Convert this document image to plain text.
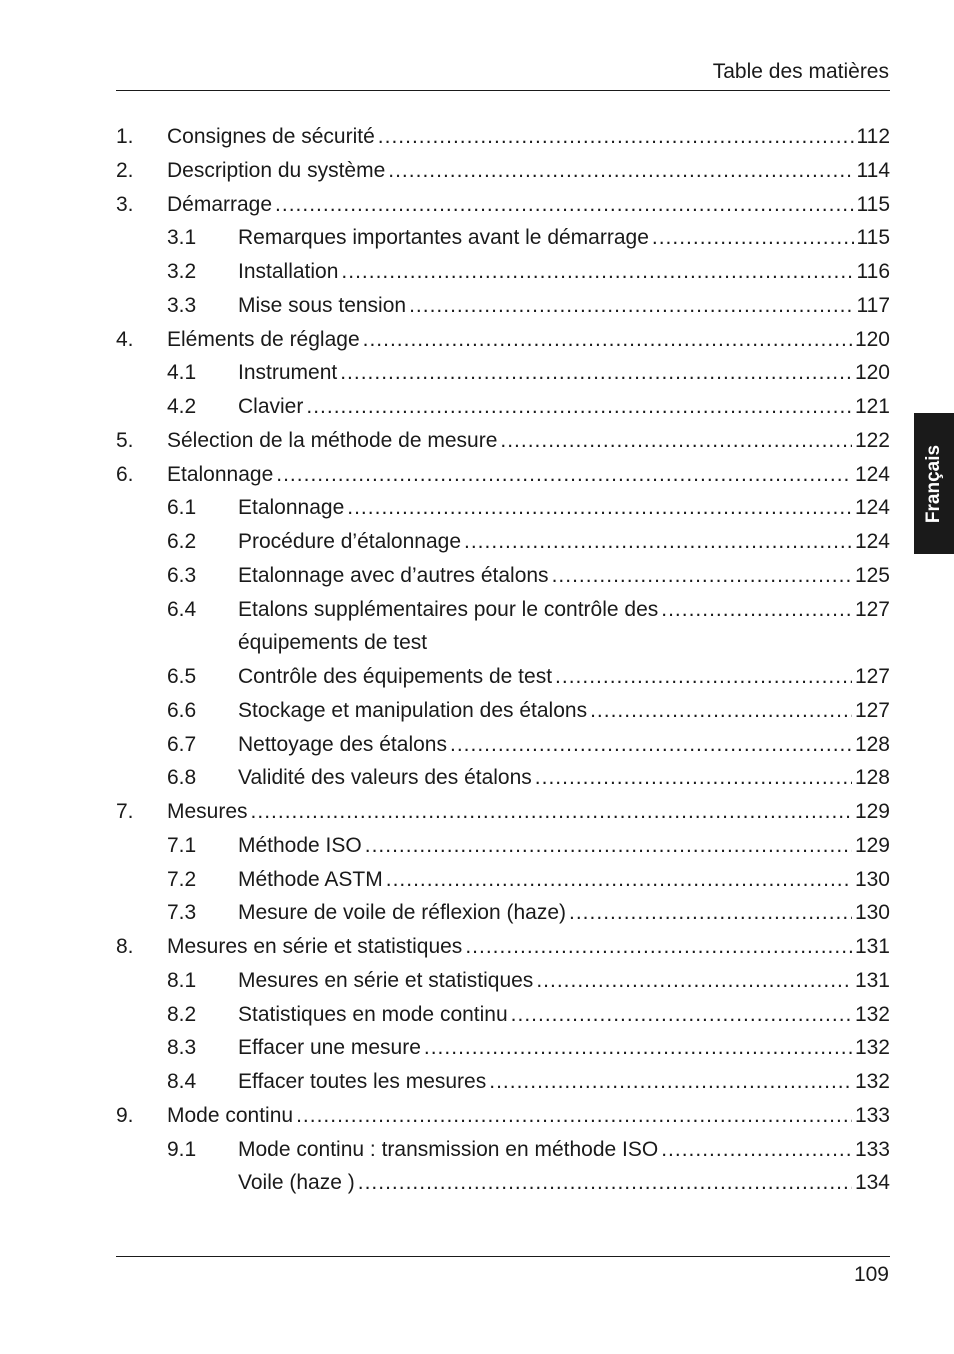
Table des matières
Français
1. Consignes de sécurité .....	112
2. Description du système .....	114
3. Démarrage .....	115
3.1 Remarques importantes avant le démarrage .....	115
3.2 Installation .....	116
3.3 Mise sous tension .....	117
4. Eléments de réglage .....	120
4.1 Instrument .....	120
4.2 Clavier .....	121
5. Sélection de la méthode de mesure .....	122
6. Etalonnage .....	124
6.1 Etalonnage .....	124
6.2 Procédure d’étalonnage .....	124
6.3 Etalonnage avec d’autres étalons .....	125
6.4 Etalons supplémentaires pour le contrôle des .....	127
équipements de test
6.5 Contrôle des équipements de test .....	127
6.6 Stockage et manipulation des étalons .....	127
6.7 Nettoyage des étalons .....	128
6.8 Validité des valeurs des étalons .....	128
7. Mesures .....	129
7.1 Méthode ISO .....	129
7.2 Méthode ASTM .....	130
7.3 Mesure de voile de réflexion (haze) .....	130
8. Mesures en série et statistiques .....	131
8.1 Mesures en série et statistiques .....	131
8.2 Statistiques en mode continu .....	132
8.3 Effacer une mesure .....	132
8.4 Effacer toutes les mesures .....	132
9. Mode continu .....	133
9.1 Mode continu : transmission en méthode ISO .....	133
Voile (haze ) .....	134
109
